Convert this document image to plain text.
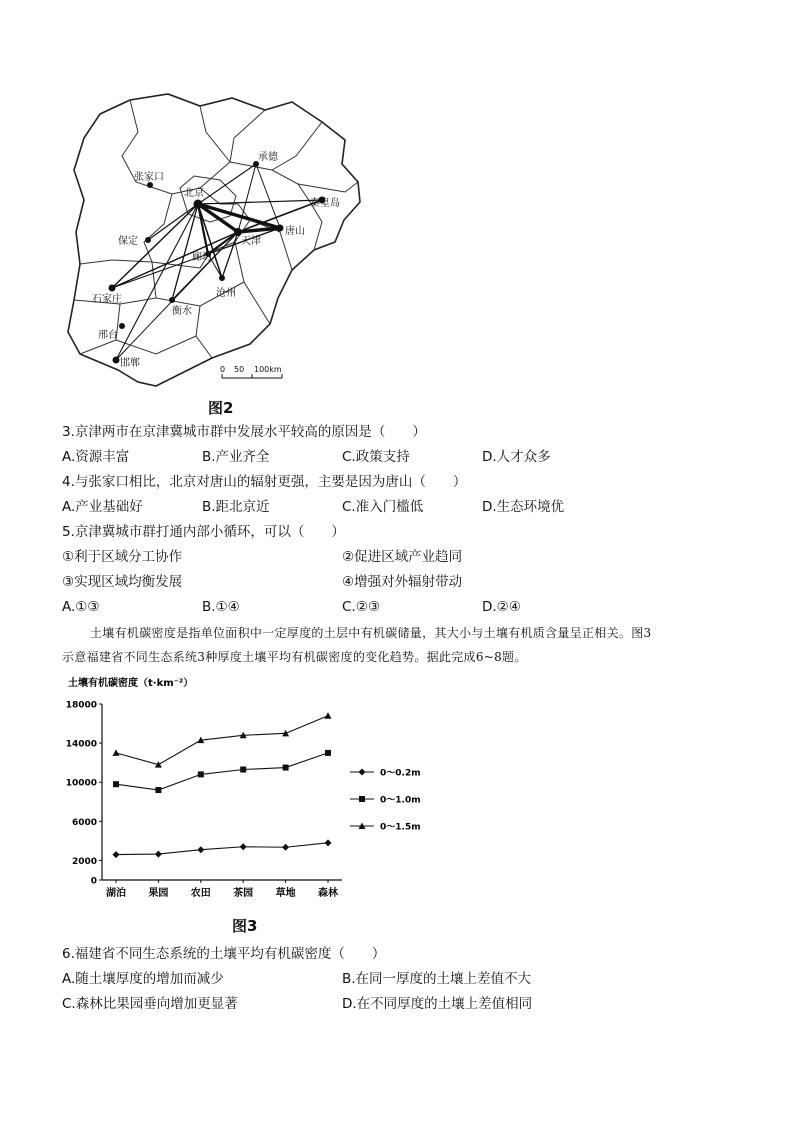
张家口
承德
北京
秦皇岛
唐山
天津
廊坊
保定
石家庄
沧州
衡水
邢台
邯郸
0 50 100km
图2
3.京津两市在京津冀城市群中发展水平较高的原因是（　　）
A.资源丰富	B.产业齐全	C.政策支持	D.人才众多
4.与张家口相比，北京对唐山的辐射更强，主要是因为唐山（　　）
A.产业基础好	B.距北京近	C.准入门槛低	D.生态环境优
5.京津冀城市群打通内部小循环，可以（　　）
①利于区域分工协作	②促进区域产业趋同
③实现区域均衡发展	④增强对外辐射带动
A.①③	B.①④	C.②③	D.②④
土壤有机碳密度是指单位面积中一定厚度的土层中有机碳储量，其大小与土壤有机质含量呈正相关。图3
示意福建省不同生态系统3种厚度土壤平均有机碳密度的变化趋势。据此完成6~8题。
土壤有机碳密度（t·km⁻²）
0
2000
6000
10000
14000
18000
湖泊 果园 农田 茶园 草地 森林
0～0.2m
0～1.0m
0～1.5m
图3
6.福建省不同生态系统的土壤平均有机碳密度（　　）
A.随土壤厚度的增加而减少	B.在同一厚度的土壤上差值不大
C.森林比果园垂向增加更显著	D.在不同厚度的土壤上差值相同
